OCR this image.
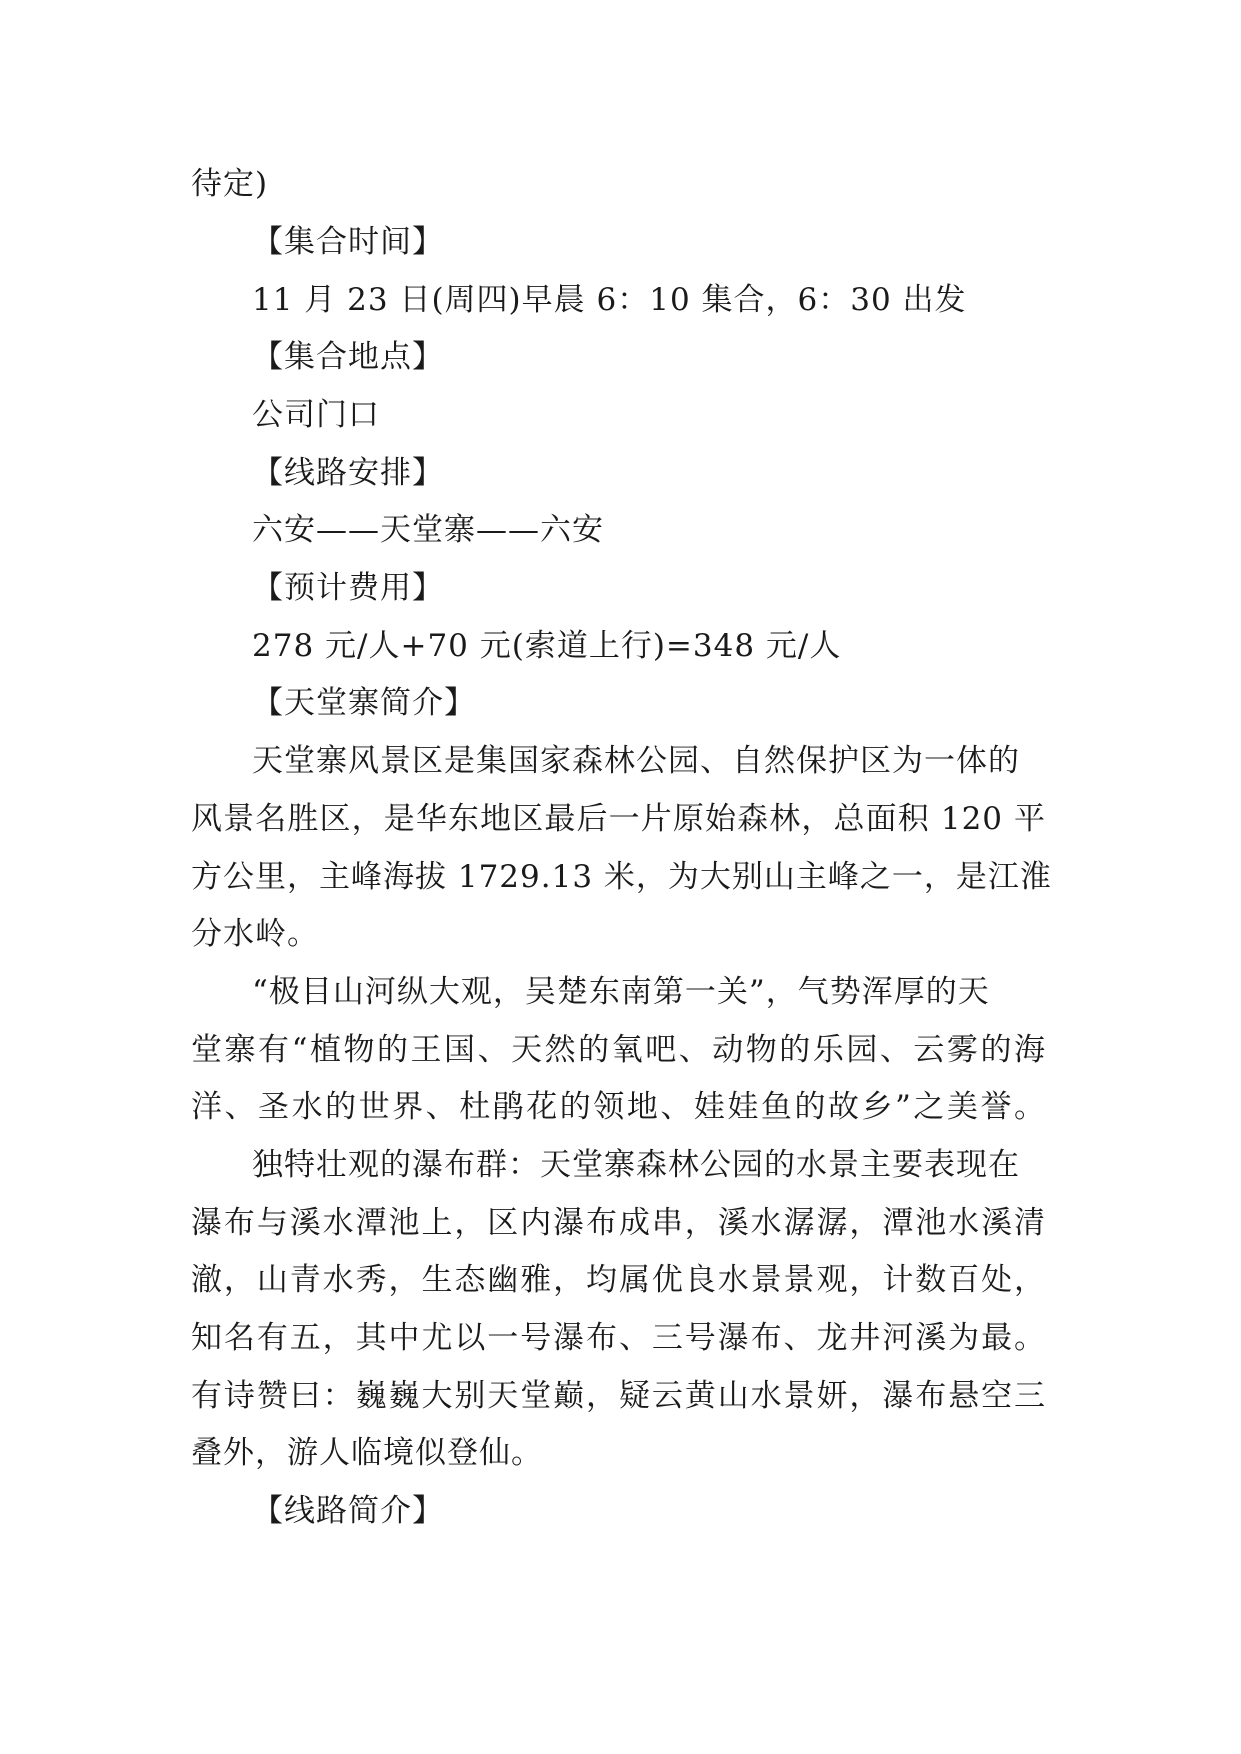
待定)
【集合时间】
11 月 23 日(周四)早晨 6：10 集合，6：30 出发
【集合地点】
公司门口
【线路安排】
六安——天堂寨——六安
【预计费用】
278 元/人+70 元(索道上行)=348 元/人
【天堂寨简介】
天堂寨风景区是集国家森林公园、自然保护区为一体的
风景名胜区，是华东地区最后一片原始森林，总面积 120 平
方公里，主峰海拔 1729.13 米，为大别山主峰之一，是江淮
分水岭。
“极目山河纵大观，吴楚东南第一关”，气势浑厚的天
堂寨有“植物的王国、天然的氧吧、动物的乐园、云雾的海
洋、圣水的世界、杜鹃花的领地、娃娃鱼的故乡”之美誉。
独特壮观的瀑布群：天堂寨森林公园的水景主要表现在
瀑布与溪水潭池上，区内瀑布成串，溪水潺潺，潭池水溪清
澈，山青水秀，生态幽雅，均属优良水景景观，计数百处，
知名有五，其中尤以一号瀑布、三号瀑布、龙井河溪为最。
有诗赞曰：巍巍大别天堂巅，疑云黄山水景妍，瀑布悬空三
叠外，游人临境似登仙。
【线路简介】
